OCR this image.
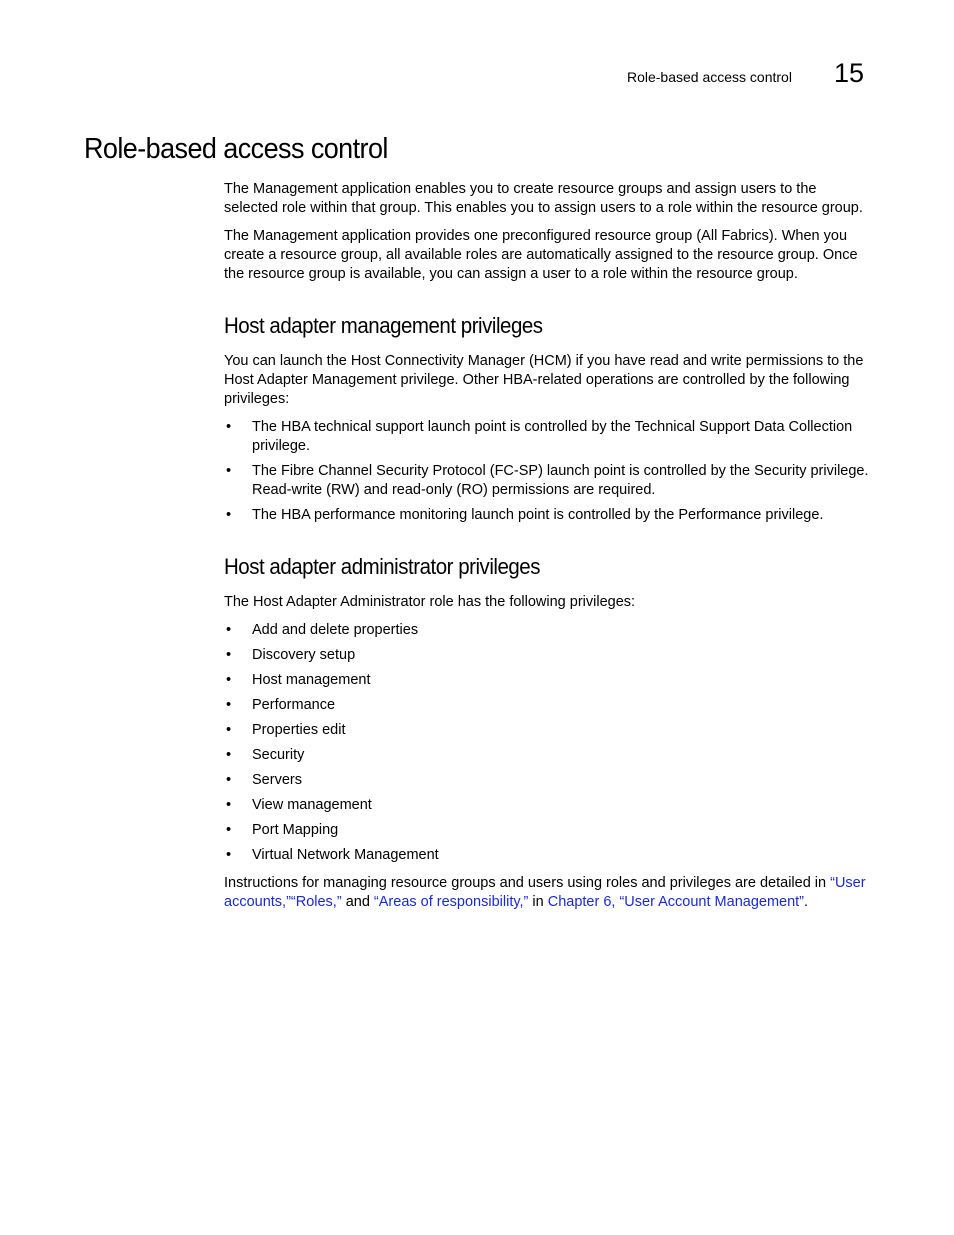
Role-based access control 15
Role-based access control

The Management application enables you to create resource groups and assign users to the selected role within that group. This enables you to assign users to a role within the resource group.

The Management application provides one preconfigured resource group (All Fabrics). When you create a resource group, all available roles are automatically assigned to the resource group. Once the resource group is available, you can assign a user to a role within the resource group.

Host adapter management privileges

You can launch the Host Connectivity Manager (HCM) if you have read and write permissions to the Host Adapter Management privilege. Other HBA-related operations are controlled by the following privileges:

• The HBA technical support launch point is controlled by the Technical Support Data Collection privilege.
• The Fibre Channel Security Protocol (FC-SP) launch point is controlled by the Security privilege. Read-write (RW) and read-only (RO) permissions are required.
• The HBA performance monitoring launch point is controlled by the Performance privilege.
Host adapter administrator privileges

The Host Adapter Administrator role has the following privileges:

• Add and delete properties
• Discovery setup
• Host management
• Performance
• Properties edit
• Security
• Servers
• View management
• Port Mapping
• Virtual Network Management

Instructions for managing resource groups and users using roles and privileges are detailed in “User accounts,”“Roles,” and “Areas of responsibility,” in Chapter 6, “User Account Management”.
